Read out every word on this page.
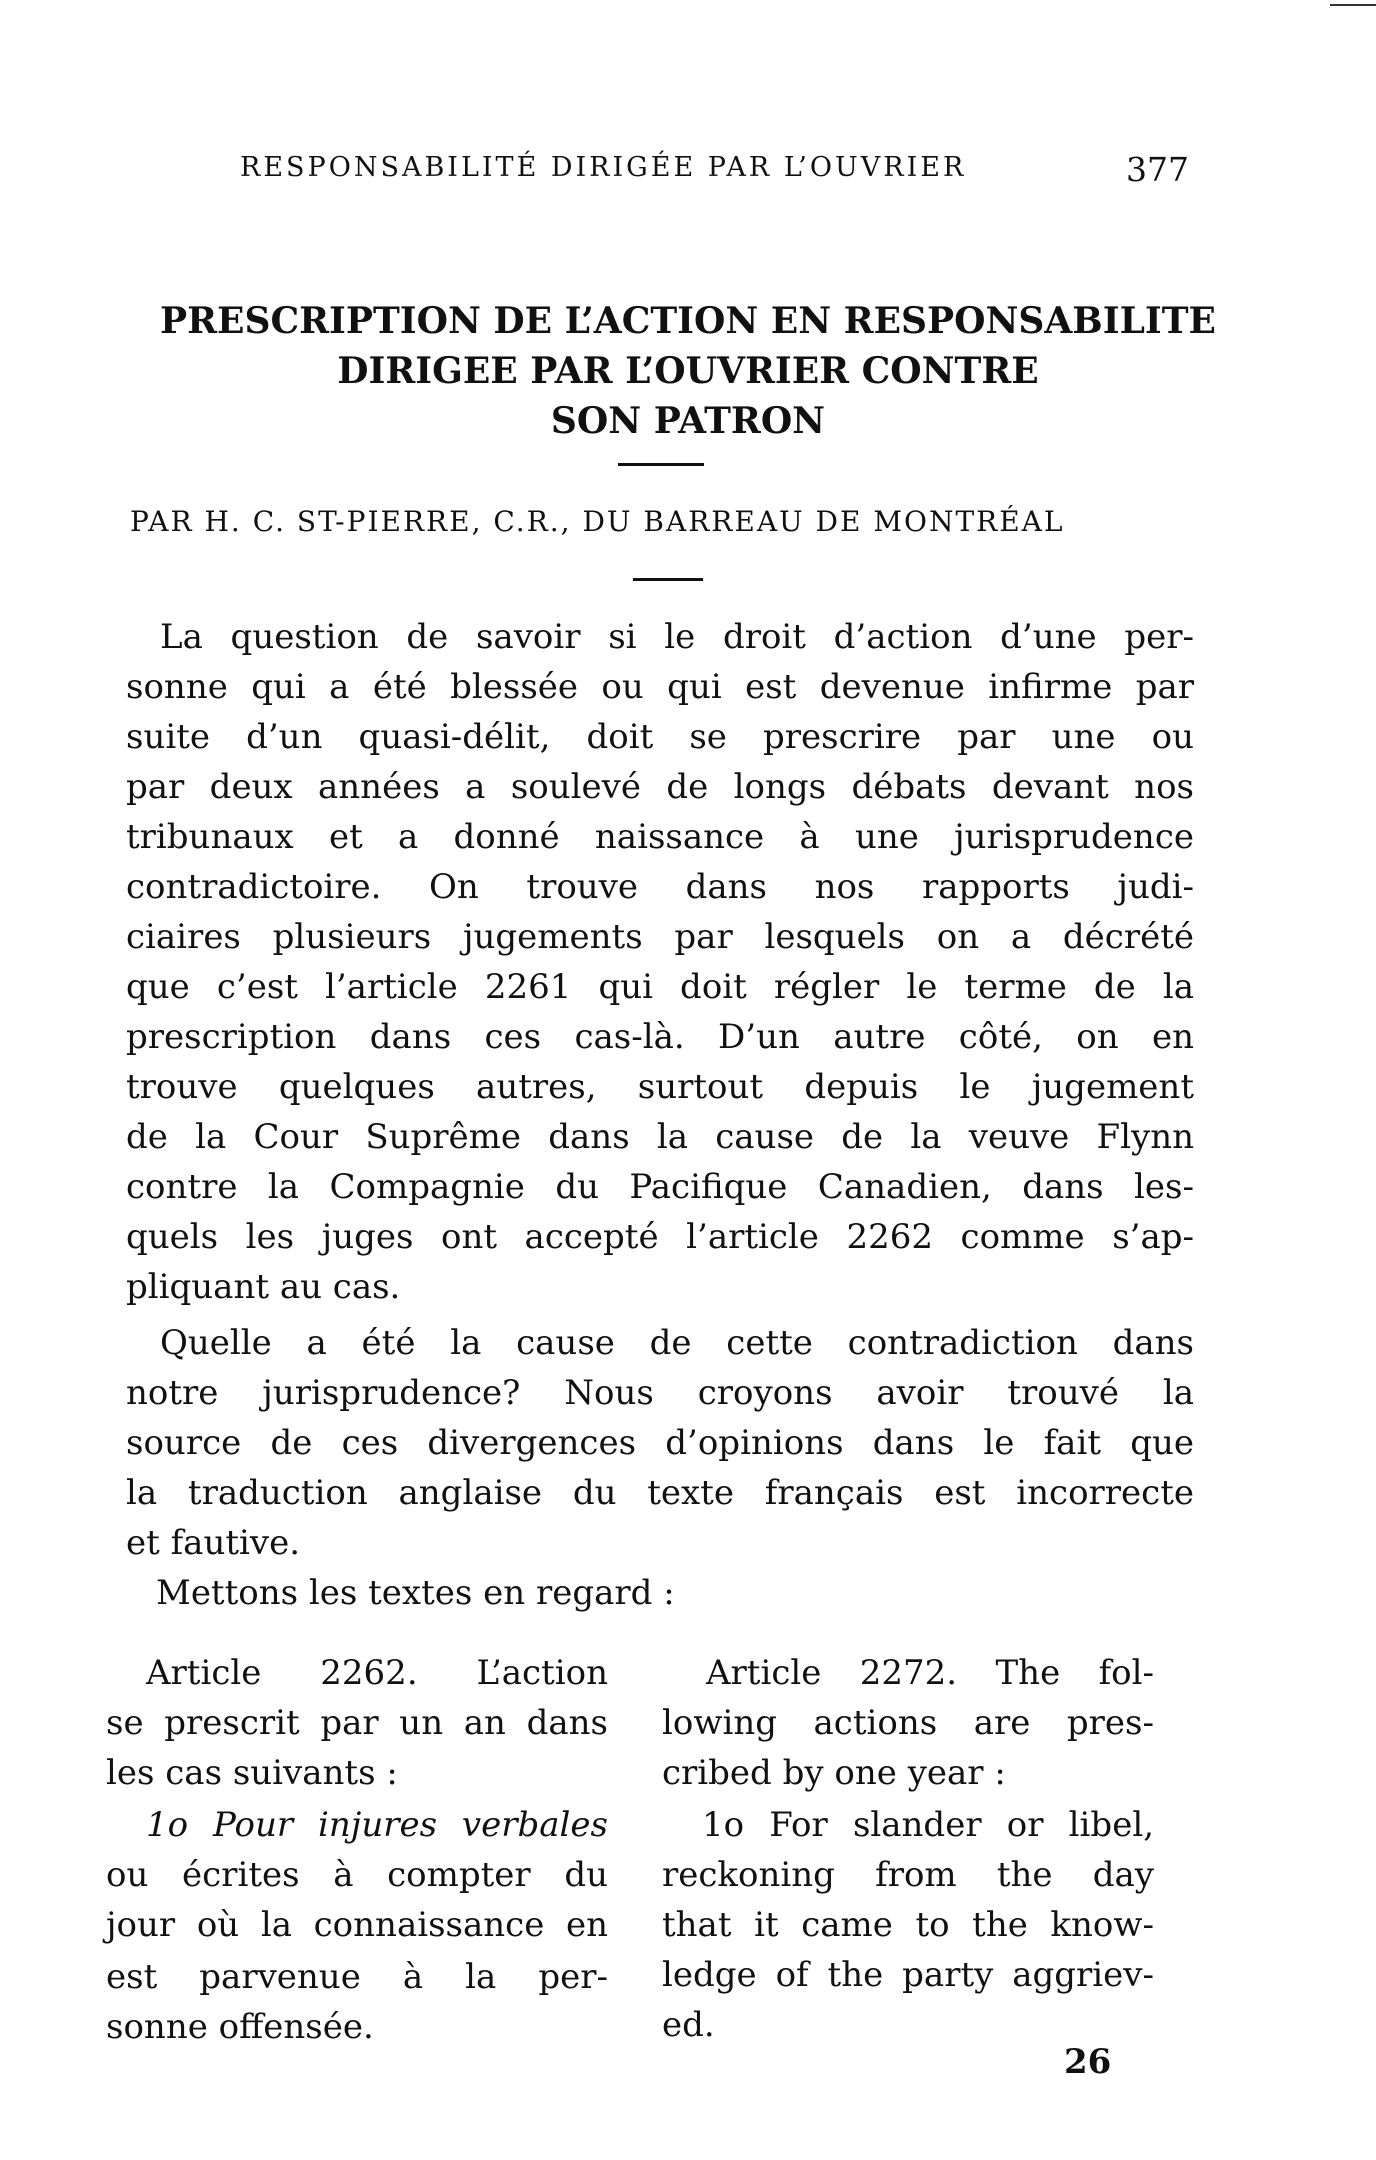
RESPONSABILITÉ DIRIGÉE PAR L’OUVRIER	377
PRESCRIPTION DE L’ACTION EN RESPONSABILITE
DIRIGEE PAR L’OUVRIER CONTRE
SON PATRON
PAR H. C. ST-PIERRE, C.R., DU BARREAU DE MONTRÉAL
La question de savoir si le droit d’action d’une per-
sonne qui a été blessée ou qui est devenue infirme par
suite d’un quasi-délit, doit se prescrire par une ou
par deux années a soulevé de longs débats devant nos
tribunaux et a donné naissance à une jurisprudence
contradictoire. On trouve dans nos rapports judi-
ciaires plusieurs jugements par lesquels on a décrété
que c’est l’article 2261 qui doit régler le terme de la
prescription dans ces cas-là. D’un autre côté, on en
trouve quelques autres, surtout depuis le jugement
de la Cour Suprême dans la cause de la veuve Flynn
contre la Compagnie du Pacifique Canadien, dans les-
quels les juges ont accepté l’article 2262 comme s’ap-
pliquant au cas.
Quelle a été la cause de cette contradiction dans
notre jurisprudence? Nous croyons avoir trouvé la
source de ces divergences d’opinions dans le fait que
la traduction anglaise du texte français est incorrecte
et fautive.
Mettons les textes en regard :
Article 2262. L’action
se prescrit par un an dans
les cas suivants :
1o Pour injures verbales
ou écrites à compter du
jour où la connaissance en
est parvenue à la per-
sonne offensée.
Article 2272. The fol-
lowing actions are pres-
cribed by one year :
1o For slander or libel,
reckoning from the day
that it came to the know-
ledge of the party aggriev-
ed.
26
